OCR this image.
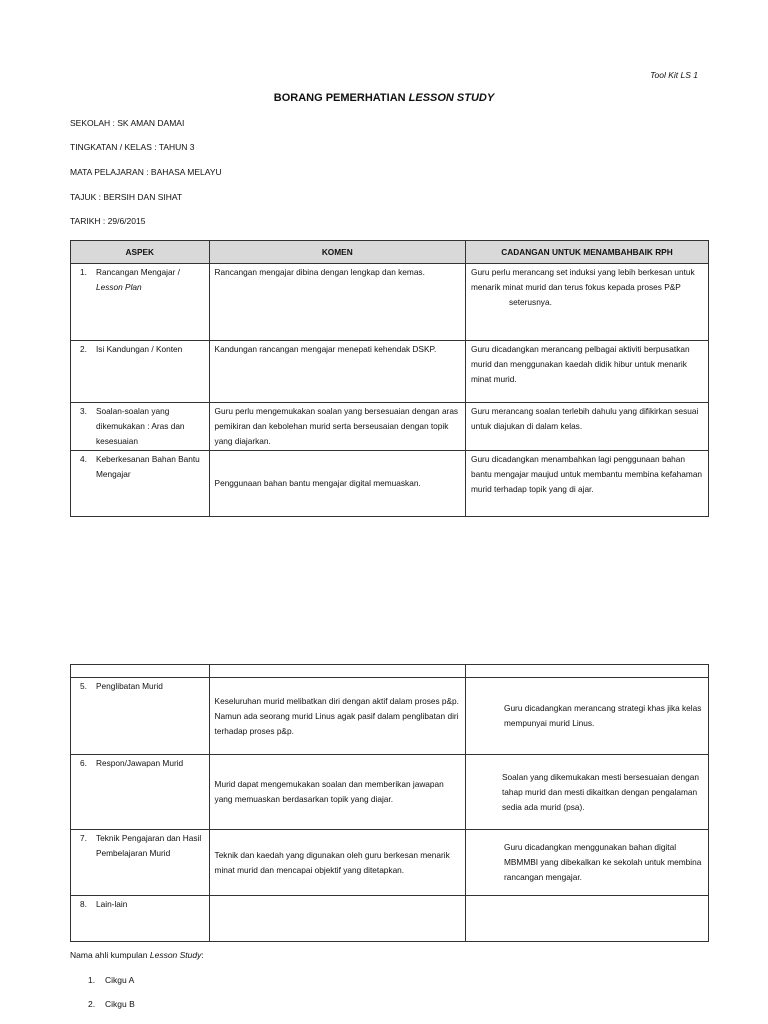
Tool Kit LS 1
BORANG PEMERHATIAN LESSON STUDY
SEKOLAH : SK AMAN DAMAI
TINGKATAN / KELAS : TAHUN 3
MATA PELAJARAN : BAHASA MELAYU
TAJUK : BERSIH DAN SIHAT
TARIKH : 29/6/2015
ASPEK	KOMEN	CADANGAN UNTUK MENAMBAHBAIK RPH

1. Rancangan Mengajar /
Lesson Plan	Rancangan mengajar dibina dengan lengkap dan kemas.	Guru perlu merancang set induksi yang lebih berkesan untuk menarik minat murid dan terus fokus kepada proses P&P
seterusnya.

2. Isi Kandungan / Konten	Kandungan rancangan mengajar menepati kehendak DSKP.	Guru dicadangkan merancang pelbagai aktiviti berpusatkan murid dan menggunakan kaedah didik hibur untuk menarik minat murid.

3. Soalan-soalan yang dikemukakan : Aras dan kesesuaian	Guru perlu mengemukakan soalan yang bersesuaian dengan aras pemikiran dan kebolehan murid serta berseusaian dengan topik yang diajarkan.	Guru merancang soalan terlebih dahulu yang difikirkan sesuai untuk diajukan di dalam kelas.

4. Keberkesanan Bahan Bantu Mengajar	Penggunaan bahan bantu mengajar digital memuaskan.	Guru dicadangkan menambahkan lagi penggunaan bahan bantu mengajar maujud untuk membantu membina kefahaman murid terhadap topik yang di ajar.

5. Penglibatan Murid	Keseluruhan murid melibatkan diri dengan aktif dalam proses p&p. Namun ada seorang murid Linus agak pasif dalam penglibatan diri terhadap proses p&p.	Guru dicadangkan merancang strategi khas jika kelas mempunyai murid Linus.

6. Respon/Jawapan Murid	Murid dapat mengemukakan soalan dan memberikan jawapan yang memuaskan berdasarkan topik yang diajar.	Soalan yang dikemukakan mesti bersesuaian dengan tahap murid dan mesti dikaitkan dengan pengalaman sedia ada murid (psa).

7. Teknik Pengajaran dan Hasil Pembelajaran Murid	Teknik dan kaedah yang digunakan oleh guru berkesan menarik minat murid dan mencapai objektif yang ditetapkan.	Guru dicadangkan menggunakan bahan digital MBMMBI yang dibekalkan ke sekolah untuk membina rancangan mengajar.

8. Lain-lain		

Nama ahli kumpulan Lesson Study:
1. Cikgu A
2. Cikgu B
